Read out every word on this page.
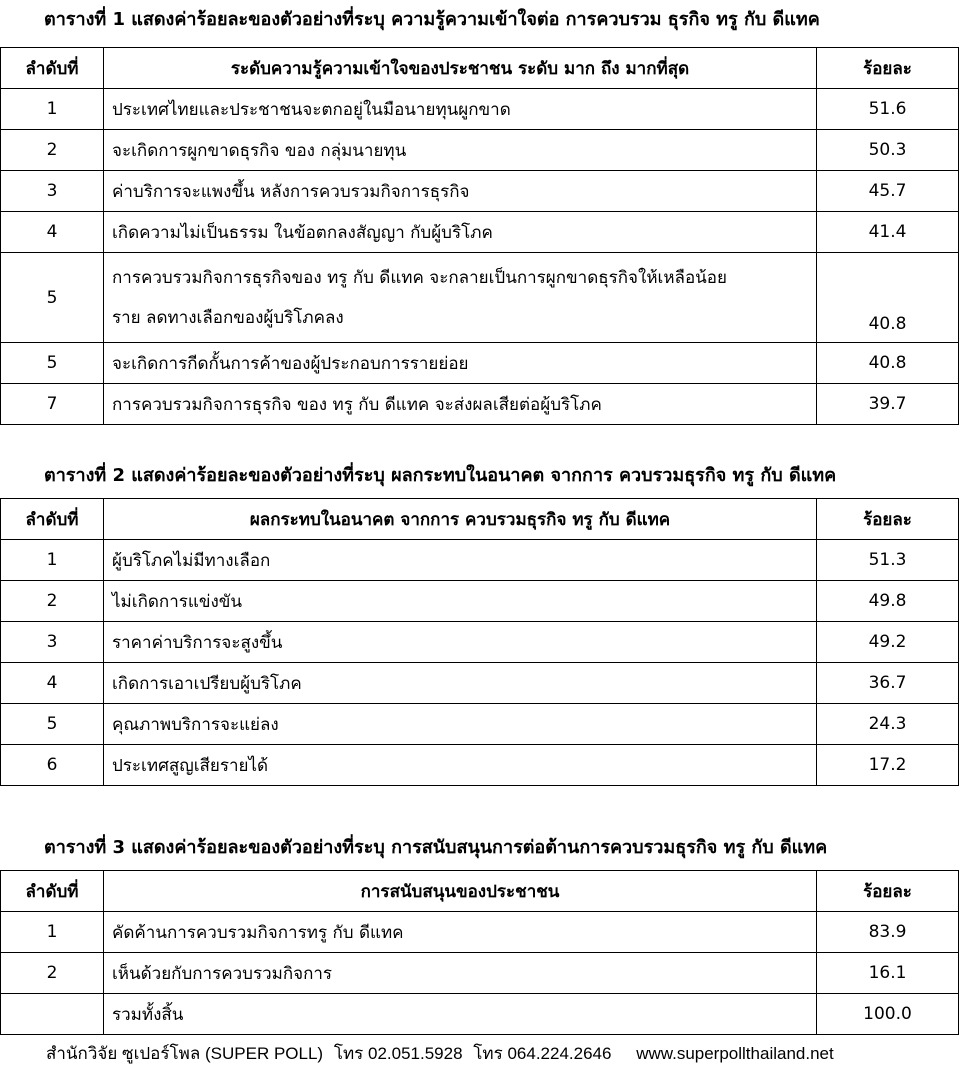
ตารางที่ 1 แสดงค่าร้อยละของตัวอย่างที่ระบุ ความรู้ความเข้าใจต่อ การควบรวม ธุรกิจ ทรู กับ ดีแทค
ลำดับที่	ระดับความรู้ความเข้าใจของประชาชน ระดับ มาก ถึง มากที่สุด	ร้อยละ
1	ประเทศไทยและประชาชนจะตกอยู่ในมือนายทุนผูกขาด	51.6
2	จะเกิดการผูกขาดธุรกิจ ของ กลุ่มนายทุน	50.3
3	ค่าบริการจะแพงขึ้น หลังการควบรวมกิจการธุรกิจ	45.7
4	เกิดความไม่เป็นธรรม ในข้อตกลงสัญญา กับผู้บริโภค	41.4
5	การควบรวมกิจการธุรกิจของ ทรู กับ ดีแทค จะกลายเป็นการผูกขาดธุรกิจให้เหลือน้อย
ราย ลดทางเลือกของผู้บริโภคลง	40.8
5	จะเกิดการกีดกั้นการค้าของผู้ประกอบการรายย่อย	40.8
7	การควบรวมกิจการธุรกิจ ของ ทรู กับ ดีแทค จะส่งผลเสียต่อผู้บริโภค	39.7
ตารางที่ 2 แสดงค่าร้อยละของตัวอย่างที่ระบุ ผลกระทบในอนาคต จากการ ควบรวมธุรกิจ ทรู กับ ดีแทค
ลำดับที่	ผลกระทบในอนาคต จากการ ควบรวมธุรกิจ ทรู กับ ดีแทค	ร้อยละ
1	ผู้บริโภคไม่มีทางเลือก	51.3
2	ไม่เกิดการแข่งขัน	49.8
3	ราคาค่าบริการจะสูงขึ้น	49.2
4	เกิดการเอาเปรียบผู้บริโภค	36.7
5	คุณภาพบริการจะแย่ลง	24.3
6	ประเทศสูญเสียรายได้	17.2
ตารางที่ 3 แสดงค่าร้อยละของตัวอย่างที่ระบุ การสนับสนุนการต่อต้านการควบรวมธุรกิจ ทรู กับ ดีแทค
ลำดับที่	การสนับสนุนของประชาชน	ร้อยละ
1	คัดค้านการควบรวมกิจการทรู กับ ดีแทค	83.9
2	เห็นด้วยกับการควบรวมกิจการ	16.1
	รวมทั้งสิ้น	100.0
สำนักวิจัย ซูเปอร์โพล (SUPER POLL) โทร 02.051.5928 โทร 064.224.2646 www.superpollthailand.net
